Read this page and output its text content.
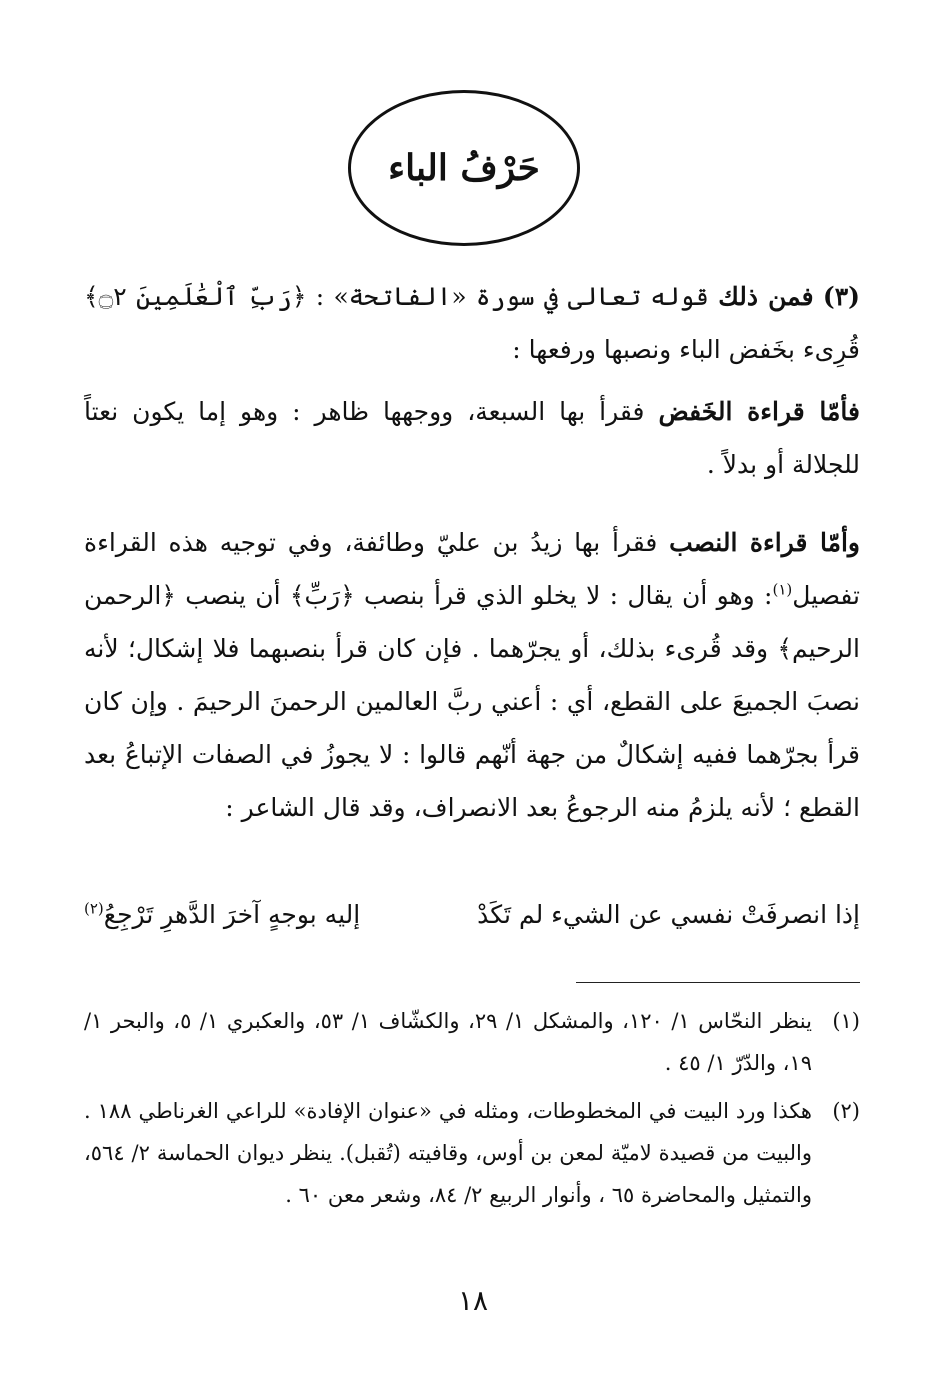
حَرْفُ الباء

(٣) فمن ذلك قوله تعالى في سورة «الفاتحة» : ﴿رَبِّ ٱلْعَٰلَمِينَ ۝٢﴾ قُرِىء بخَفض الباء ونصبها ورفعها :

فأمّا قراءة الخَفض فقرأ بها السبعة، ووجهها ظاهر : وهو إما يكون نعتاً للجلالة أو بدلاً .

وأمّا قراءة النصب فقرأ بها زيدُ بن عليّ وطائفة، وفي توجيه هذه القراءة تفصيل$^{(١)}$: وهو أن يقال : لا يخلو الذي قرأ بنصب ﴿رَبِّ﴾ أن ينصب ﴿الرحمن الرحيم﴾ وقد قُرىء بذلك، أو يجرّهما . فإن كان قرأ بنصبهما فلا إشكال؛ لأنه نصبَ الجميعَ على القطع، أي : أعني ربَّ العالمين الرحمنَ الرحيمَ . وإن كان قرأ بجرّهما ففيه إشكالٌ من جهة أنّهم قالوا : لا يجوزُ في الصفات الإتباعُ بعد القطع ؛ لأنه يلزمُ منه الرجوعُ بعد الانصراف، وقد قال الشاعر :

إذا انصرفَتْ نفسي عن الشيء لم تَكَدْ
إليه بوجهٍ آخرَ الدَّهرِ تَرْجِعُ$^{(٢)}$
(١)
ينظر النحّاس ١/ ١٢٠، والمشكل ١/ ٢٩، والكشّاف ١/ ٥٣، والعكبري ١/ ٥، والبحر ١/ ١٩، والدّرّ ١/ ٤٥ .
(٢)
هكذا ورد البيت في المخطوطات، ومثله في «عنوان الإفادة» للراعي الغرناطي ١٨٨ . والبيت من قصيدة لاميّة لمعن بن أوس، وقافيته (تُقبل). ينظر ديوان الحماسة ٢/ ٥٦٤، والتمثيل والمحاضرة ٦٥ ، وأنوار الربيع ٢/ ٨٤، وشعر معن ٦٠ .
١٨
